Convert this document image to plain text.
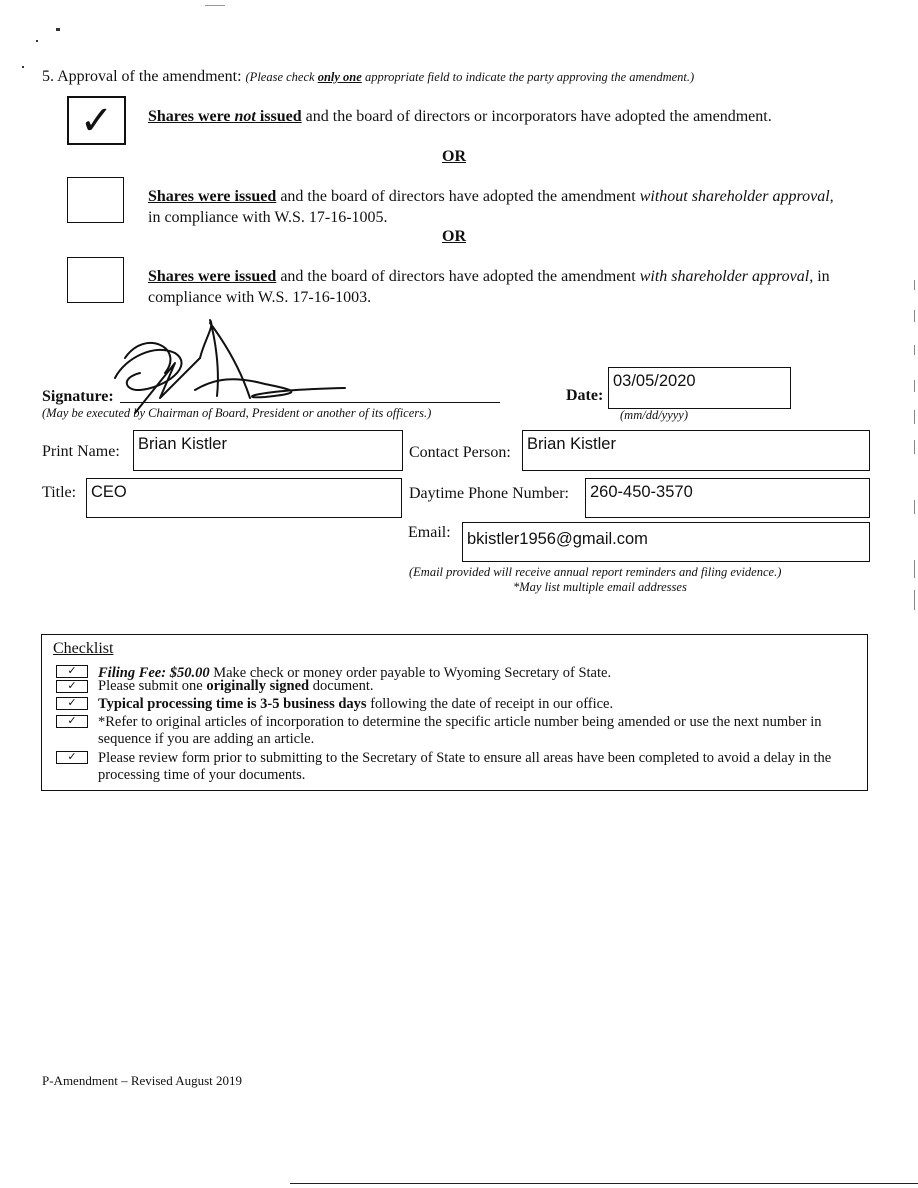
5. Approval of the amendment: (Please check only one appropriate field to indicate the party approving the amendment.)
✓	Shares were not issued and the board of directors or incorporators have adopted the amendment.
OR
Shares were issued and the board of directors have adopted the amendment without shareholder approval, in compliance with W.S. 17-16-1005.
OR
Shares were issued and the board of directors have adopted the amendment with shareholder approval, in compliance with W.S. 17-16-1003.
Signature:
(May be executed by Chairman of Board, President or another of its officers.)
Date:
03/05/2020
(mm/dd/yyyy)
Print Name: Brian Kistler	Contact Person: Brian Kistler
Title: CEO	Daytime Phone Number: 260-450-3570
Email: bkistler1956@gmail.com
(Email provided will receive annual report reminders and filing evidence.)
*May list multiple email addresses
Checklist
✓	Filing Fee: $50.00 Make check or money order payable to Wyoming Secretary of State.
✓	Please submit one originally signed document.
✓	Typical processing time is 3-5 business days following the date of receipt in our office.
✓	*Refer to original articles of incorporation to determine the specific article number being amended or use the next number in sequence if you are adding an article.
✓	Please review form prior to submitting to the Secretary of State to ensure all areas have been completed to avoid a delay in the processing time of your documents.
P-Amendment – Revised August 2019
